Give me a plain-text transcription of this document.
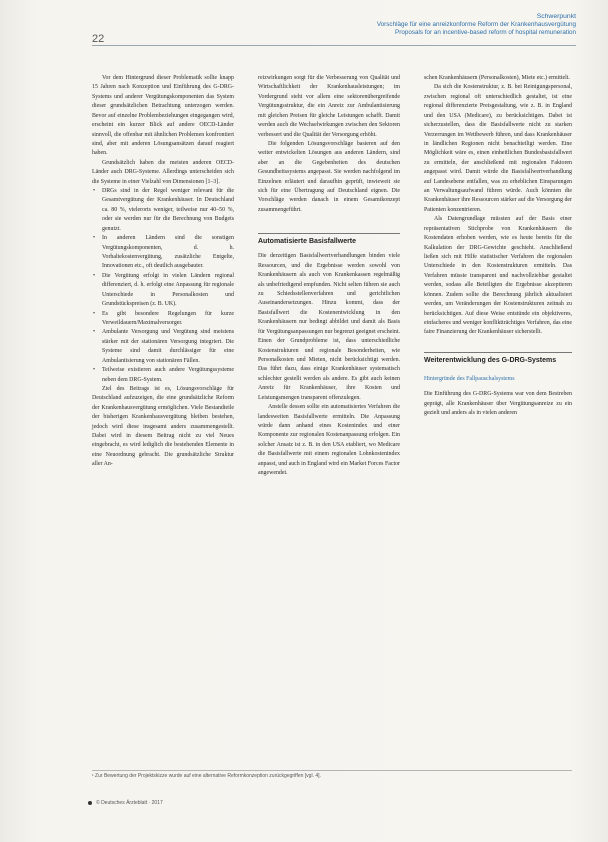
22
Schwerpunkt
Vorschläge für eine anreizkonforme Reform der Krankenhausvergütung
Proposals for an incentive-based reform of hospital remuneration

Vor dem Hintergrund dieser Problematik sollte knapp 15 Jahren nach Konzeption und Einführung des G-DRG-Systems und anderer Vergütungskomponenten das System dieser grundsätzlichen Betrachtung unterzogen werden. Bevor auf einzelne Problembeziehungen eingegangen wird, erscheint ein kurzer Blick auf andere OECD-Länder sinnvoll, die offenbar mit ähnlichen Problemen konfrontiert sind, aber mit anderen Lösungsansätzen darauf reagiert haben.

Grundsätzlich haben die meisten anderen OECD-Länder auch DRG-Systeme. Allerdings unterscheiden sich die Systeme in einer Vielzahl von Dimensionen [1–3].

• DRGs sind in der Regel weniger relevant für die Gesamtvergütung der Krankenhäuser. In Deutschland ca. 80 %, vielerorts weniger, teilweise nur 40–50 %, oder sie werden nur für die Berechnung von Budgets genutzt.
• In anderen Ländern sind die sonstigen Vergütungskomponenten, d. h. Vorhaltekostenvergütung, zusätzliche Entgelte, Innovationen etc., oft deutlich ausgebauter.
• Die Vergütung erfolgt in vielen Ländern regional differenziert, d. h. erfolgt eine Anpassung für regionale Unterschiede in Personalkosten und Grundstückspreisen (z. B. UK).
• Es gibt besondere Regelungen für kurze Verweildauern/Maximalversorger.
• Ambulante Versorgung und Vergütung sind meistens stärker mit der stationären Versorgung integriert. Die Systeme sind damit durchlässiger für eine Ambulantisierung von stationären Fällen.
• Teilweise existieren auch andere Vergütungssysteme neben dem DRG-System.

Ziel des Beitrags ist es, Lösungsvorschläge für Deutschland aufzuzeigen, die eine grundsätzliche Reform der Krankenhausvergütung ermöglichen. Viele Bestandteile der bisherigen Krankenhausvergütung bleiben bestehen, jedoch wird diese insgesamt anders zusammengestellt. Dabei wird in diesem Beitrag nicht zu viel Neues eingebracht, es wird lediglich die bestehenden Elemente in eine Neuordnung gebracht. Die grundsätzliche Struktur aller An-

reizwirkungen sorgt für die Verbesserung von Qualität und Wirtschaftlichkeit der Krankenhausleistungen; im Vordergrund steht vor allem eine sektorenübergreifende Vergütungsstruktur, die ein Anreiz zur Ambulantisierung mit gleichen Preisen für gleiche Leistungen schafft. Damit werden auch die Wechselwirkungen zwischen den Sektoren verbessert und die Qualität der Versorgung erhöht.

Die folgenden Lösungsvorschläge basieren auf den weiter entwickelten Lösungen aus anderen Ländern, sind aber an die Gegebenheiten des deutschen Gesundheitssystems angepasst. Sie werden nachfolgend im Einzelnen erläutert und daraufhin geprüft, inwieweit sie sich für eine Übertragung auf Deutschland eignen. Die Vorschläge werden danach in einem Gesamtkonzept zusammengeführt.

Automatisierte Basisfallwerte

Die derzeitigen Basisfallwertverhandlungen binden viele Ressourcen, und die Ergebnisse werden sowohl von Krankenhäusern als auch von Krankenkassen regelmäßig als unbefriedigend empfunden. Nicht selten führen sie auch zu Schiedsstellenverfahren und gerichtlichen Auseinandersetzungen. Hinzu kommt, dass der Basisfallwert die Kostenentwicklung in den Krankenhäusern nur bedingt abbildet und damit als Basis für Vergütungsanpassungen nur begrenzt geeignet erscheint. Einen der Grundprobleme ist, dass unterschiedliche Kostenstrukturen und regionale Besonderheiten, wie Personalkosten und Mieten, nicht berücksichtigt werden. Das führt dazu, dass einige Krankenhäuser systematisch schlechter gestellt werden als andere. Es gibt auch keinen Anreiz für Krankenhäuser, ihre Kosten und Leistungsmengen transparent offenzulegen.

Anstelle dessen sollte ein automatisiertes Verfahren die landesweiten Basisfallwerte ermitteln. Die Anpassung würde dann anhand eines Kostenindex und einer Komponente zur regionalen Kostenanpassung erfolgen. Ein solcher Ansatz ist z. B. in den USA etabliert, wo Medicare die Basisfallwerte mit einem regionalen Lohnkostenindex anpasst, und auch in England wird ein Market Forces Factor angewendet.

schen Krankenhäusern (Personalkosten), Miete etc.) ermittelt.

Da sich die Kostenstruktur, z. B. bei Reinigungspersonal, zwischen regional oft unterschiedlich gestaltet, ist eine regional differenzierte Preisgestaltung, wie z. B. in England und den USA (Medicare), zu berücksichtigen. Dabei ist sicherzustellen, dass die Basisfallwerte nicht zu starken Verzerrungen im Wettbewerb führen, und dass Krankenhäuser in ländlichen Regionen nicht benachteiligt werden. Eine Möglichkeit wäre es, einen einheitlichen Bundesbasisfallwert zu ermitteln, der anschließend mit regionalen Faktoren angepasst wird. Damit würde die Basisfallwertverhandlung auf Landesebene entfallen, was zu erheblichen Einsparungen an Verwaltungsaufwand führen würde. Auch könnten die Krankenhäuser ihre Ressourcen stärker auf die Versorgung der Patienten konzentrieren.

Als Datengrundlage müssten auf der Basis einer repräsentativen Stichprobe von Krankenhäusern die Kostendaten erhoben werden, wie es heute bereits für die Kalkulation der DRG-Gewichte geschieht. Anschließend ließen sich mit Hilfe statistischer Verfahren die regionalen Unterschiede in den Kostenstrukturen ermitteln. Das Verfahren müsste transparent und nachvollziehbar gestaltet werden, sodass alle Beteiligten die Ergebnisse akzeptieren können. Zudem sollte die Berechnung jährlich aktualisiert werden, um Veränderungen der Kostenstrukturen zeitnah zu berücksichtigen. Auf diese Weise entstünde ein objektiveres, einfacheres und weniger konfliktträchtiges Verfahren, das eine faire Finanzierung der Krankenhäuser sicherstellt.

Weiterentwicklung des G-DRG-Systems

Hintergründe des Fallpauschalsystems

Die Einführung des G-DRG-Systems war von dem Bestreben geprägt, alle Krankenhäuser über Vergütungsanreize zu ein gezielt und anders als in vielen anderen

¹ Zur Bewertung der Projektskizze wurde auf eine alternative Reformkonzeption zurückgegriffen [vgl. 4].
© Deutsches Ärzteblatt · 2017
